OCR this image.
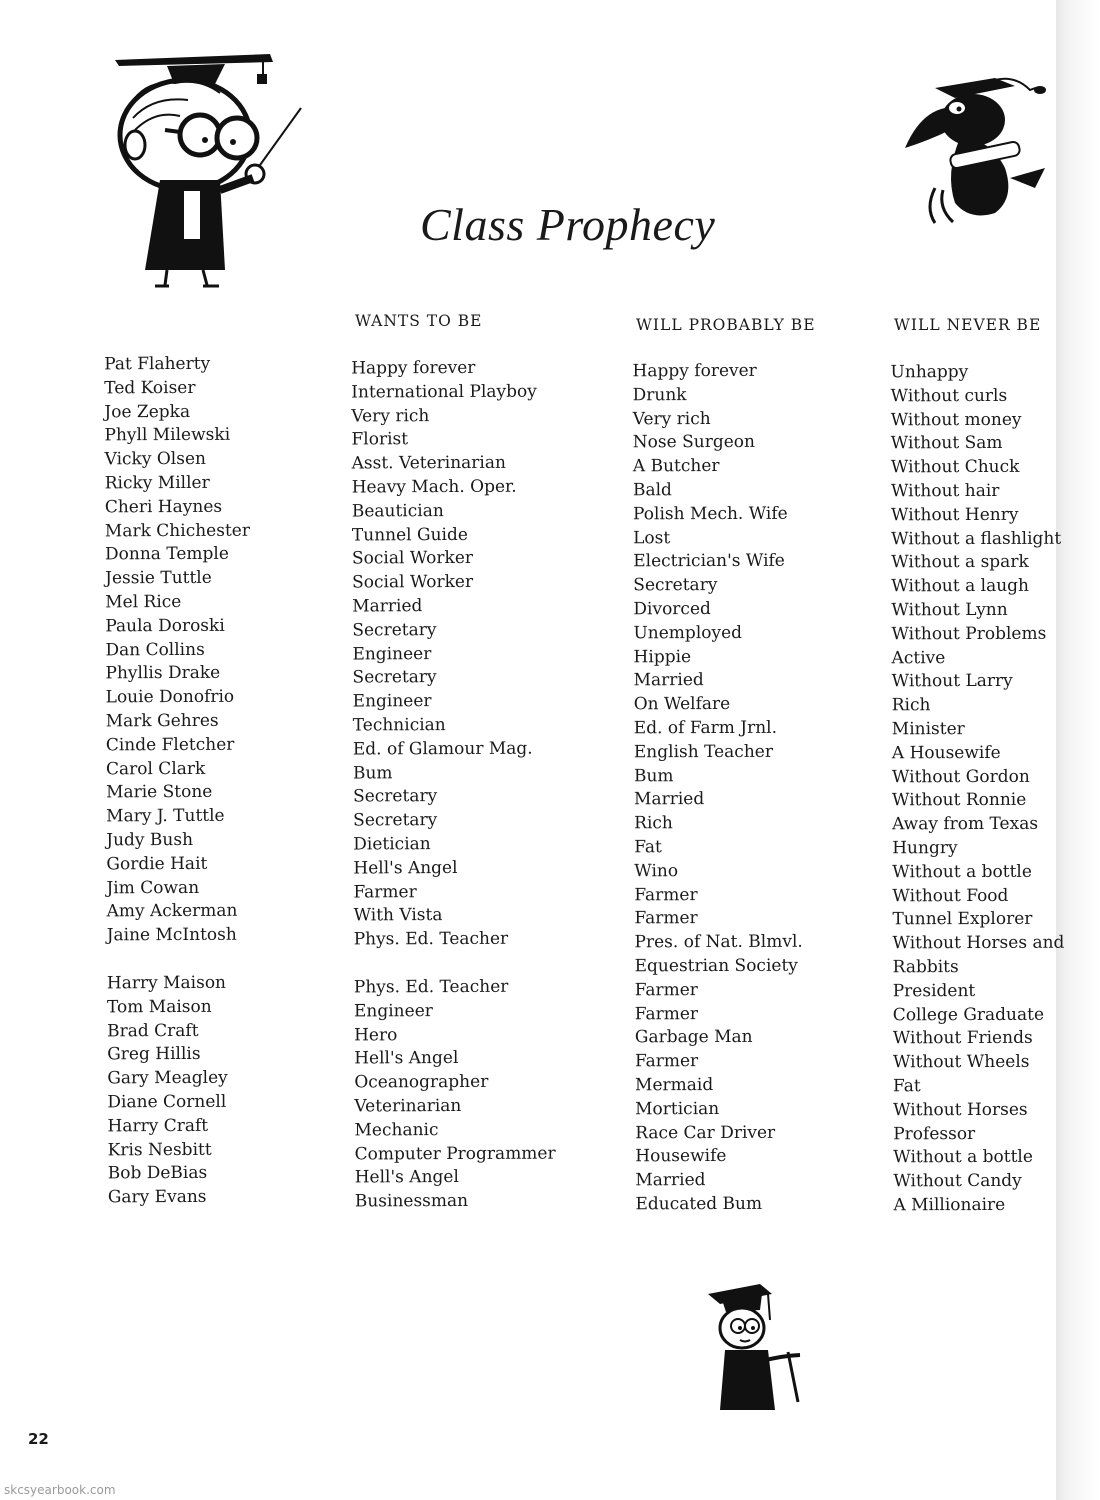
Class Prophecy
WANTS TO BE	WILL PROBABLY BE	WILL NEVER BE
Pat Flaherty
Ted Koiser
Joe Zepka
Phyll Milewski
Vicky Olsen
Ricky Miller
Cheri Haynes
Mark Chichester
Donna Temple
Jessie Tuttle
Mel Rice
Paula Doroski
Dan Collins
Phyllis Drake
Louie Donofrio
Mark Gehres
Cinde Fletcher
Carol Clark
Marie Stone
Mary J. Tuttle
Judy Bush
Gordie Hait
Jim Cowan
Amy Ackerman
Jaine McIntosh
Harry Maison
Tom Maison
Brad Craft
Greg Hillis
Gary Meagley
Diane Cornell
Harry Craft
Kris Nesbitt
Bob DeBias
Gary Evans
Happy forever
International Playboy
Very rich
Florist
Asst. Veterinarian
Heavy Mach. Oper.
Beautician
Tunnel Guide
Social Worker
Social Worker
Married
Secretary
Engineer
Secretary
Engineer
Technician
Ed. of Glamour Mag.
Bum
Secretary
Secretary
Dietician
Hell's Angel
Farmer
With Vista
Phys. Ed. Teacher
Phys. Ed. Teacher
Engineer
Hero
Hell's Angel
Oceanographer
Veterinarian
Mechanic
Computer Programmer
Hell's Angel
Businessman
Happy forever
Drunk
Very rich
Nose Surgeon
A Butcher
Bald
Polish Mech. Wife
Lost
Electrician's Wife
Secretary
Divorced
Unemployed
Hippie
Married
On Welfare
Ed. of Farm Jrnl.
English Teacher
Bum
Married
Rich
Fat
Wino
Farmer
Farmer
Pres. of Nat. Blmvl.
Equestrian Society
Farmer
Farmer
Garbage Man
Farmer
Mermaid
Mortician
Race Car Driver
Housewife
Married
Educated Bum
Unhappy
Without curls
Without money
Without Sam
Without Chuck
Without hair
Without Henry
Without a flashlight
Without a spark
Without a laugh
Without Lynn
Without Problems
Active
Without Larry
Rich
Minister
A Housewife
Without Gordon
Without Ronnie
Away from Texas
Hungry
Without a bottle
Without Food
Tunnel Explorer
Without Horses and
Rabbits
President
College Graduate
Without Friends
Without Wheels
Fat
Without Horses
Professor
Without a bottle
Without Candy
A Millionaire
22
skcsyearbook.com
